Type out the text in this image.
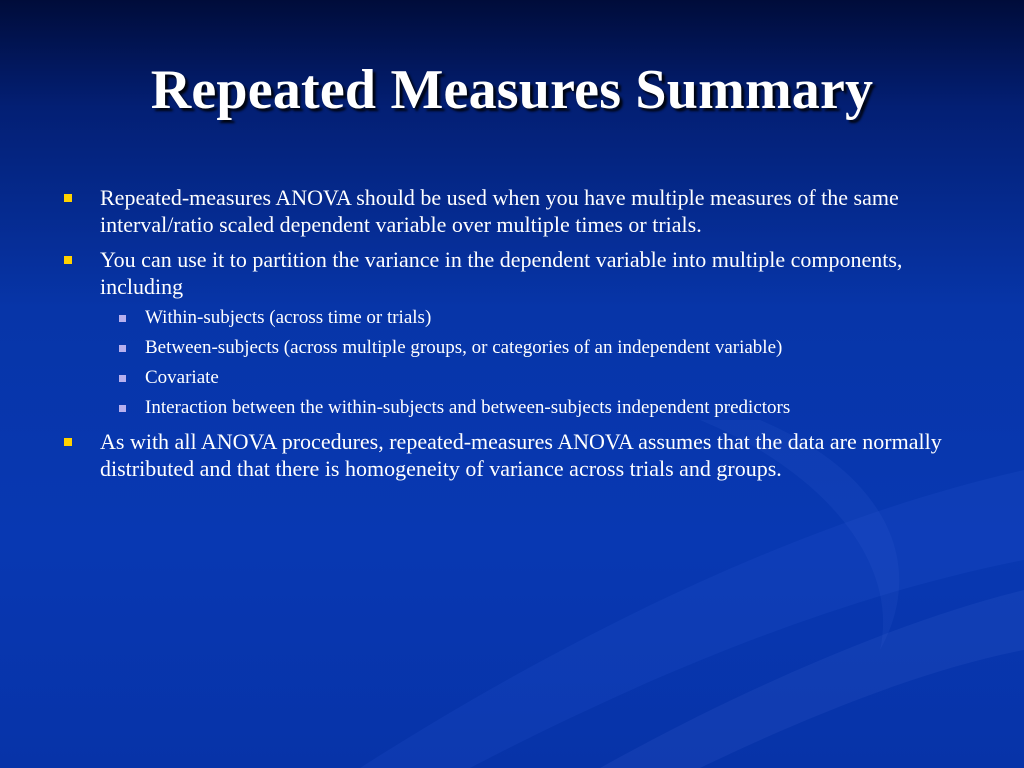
Repeated Measures Summary
Repeated-measures ANOVA should be used when you have multiple measures of the same interval/ratio scaled dependent variable over multiple times or trials.
You can use it to partition the variance in the dependent variable into multiple components, including
Within-subjects (across time or trials)
Between-subjects (across multiple groups, or categories of an independent variable)
Covariate
Interaction between the within-subjects and between-subjects independent predictors
As with all ANOVA procedures, repeated-measures ANOVA assumes that the data are normally distributed and that there is homogeneity of variance across trials and groups.
